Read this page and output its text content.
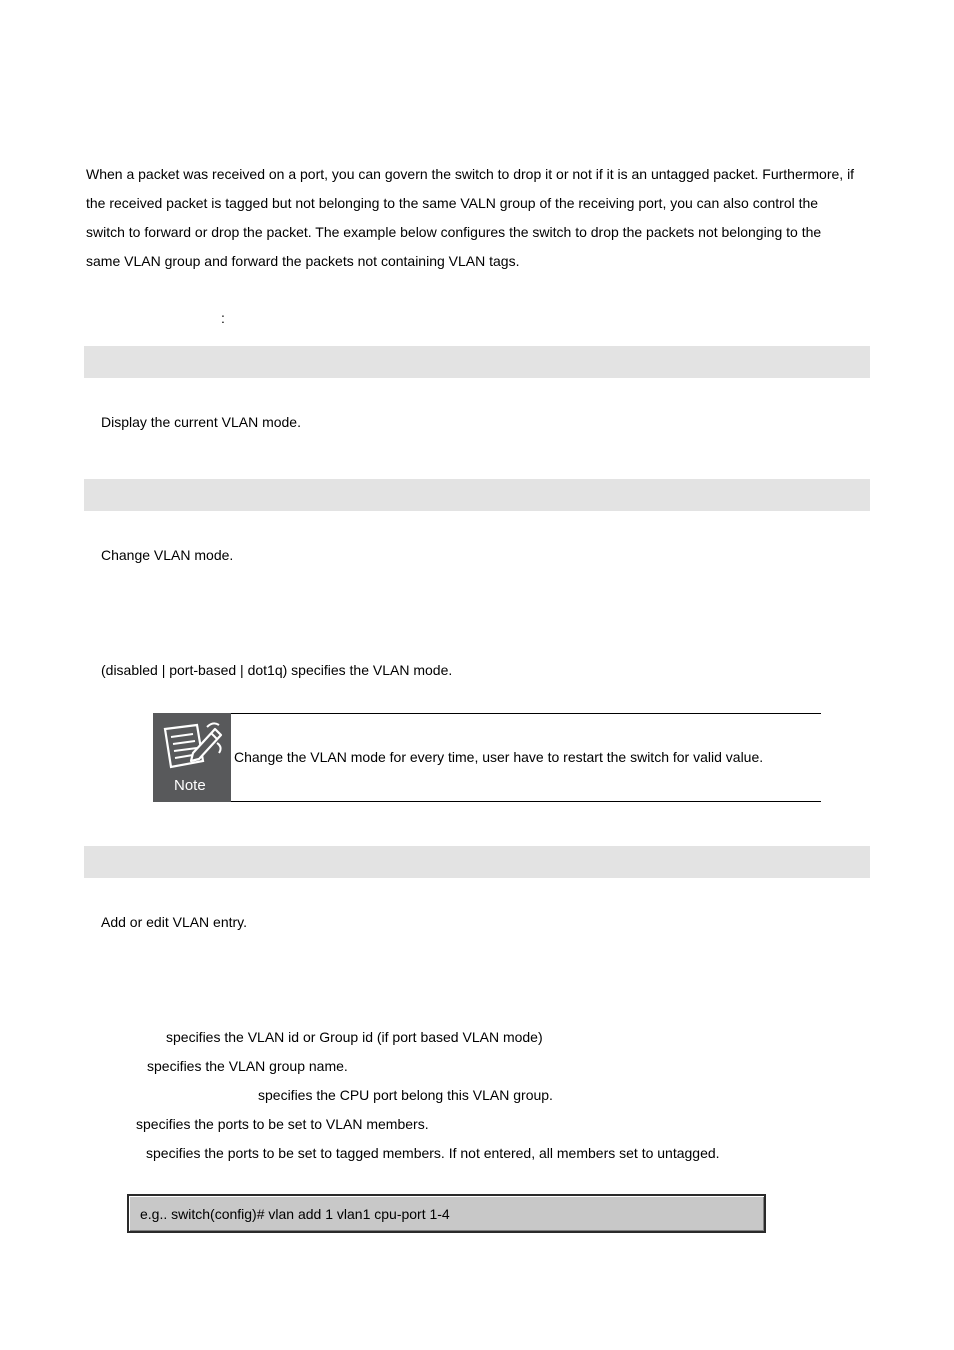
When a packet was received on a port, you can govern the switch to drop it or not if it is an untagged packet. Furthermore, if
the received packet is tagged but not belonging to the same VALN group of the receiving port, you can also control the
switch to forward or drop the packet. The example below configures the switch to drop the packets not belonging to the
same VLAN group and forward the packets not containing VLAN tags.
:
Display the current VLAN mode.
Change VLAN mode.
(disabled | port-based | dot1q) specifies the VLAN mode.
Note
Change the VLAN mode for every time, user have to restart the switch for valid value.
Add or edit VLAN entry.
specifies the VLAN id or Group id (if port based VLAN mode)
specifies the VLAN group name.
specifies the CPU port belong this VLAN group.
specifies the ports to be set to VLAN members.
specifies the ports to be set to tagged members. If not entered, all members set to untagged.
e.g.. switch(config)# vlan add 1 vlan1 cpu-port 1-4
